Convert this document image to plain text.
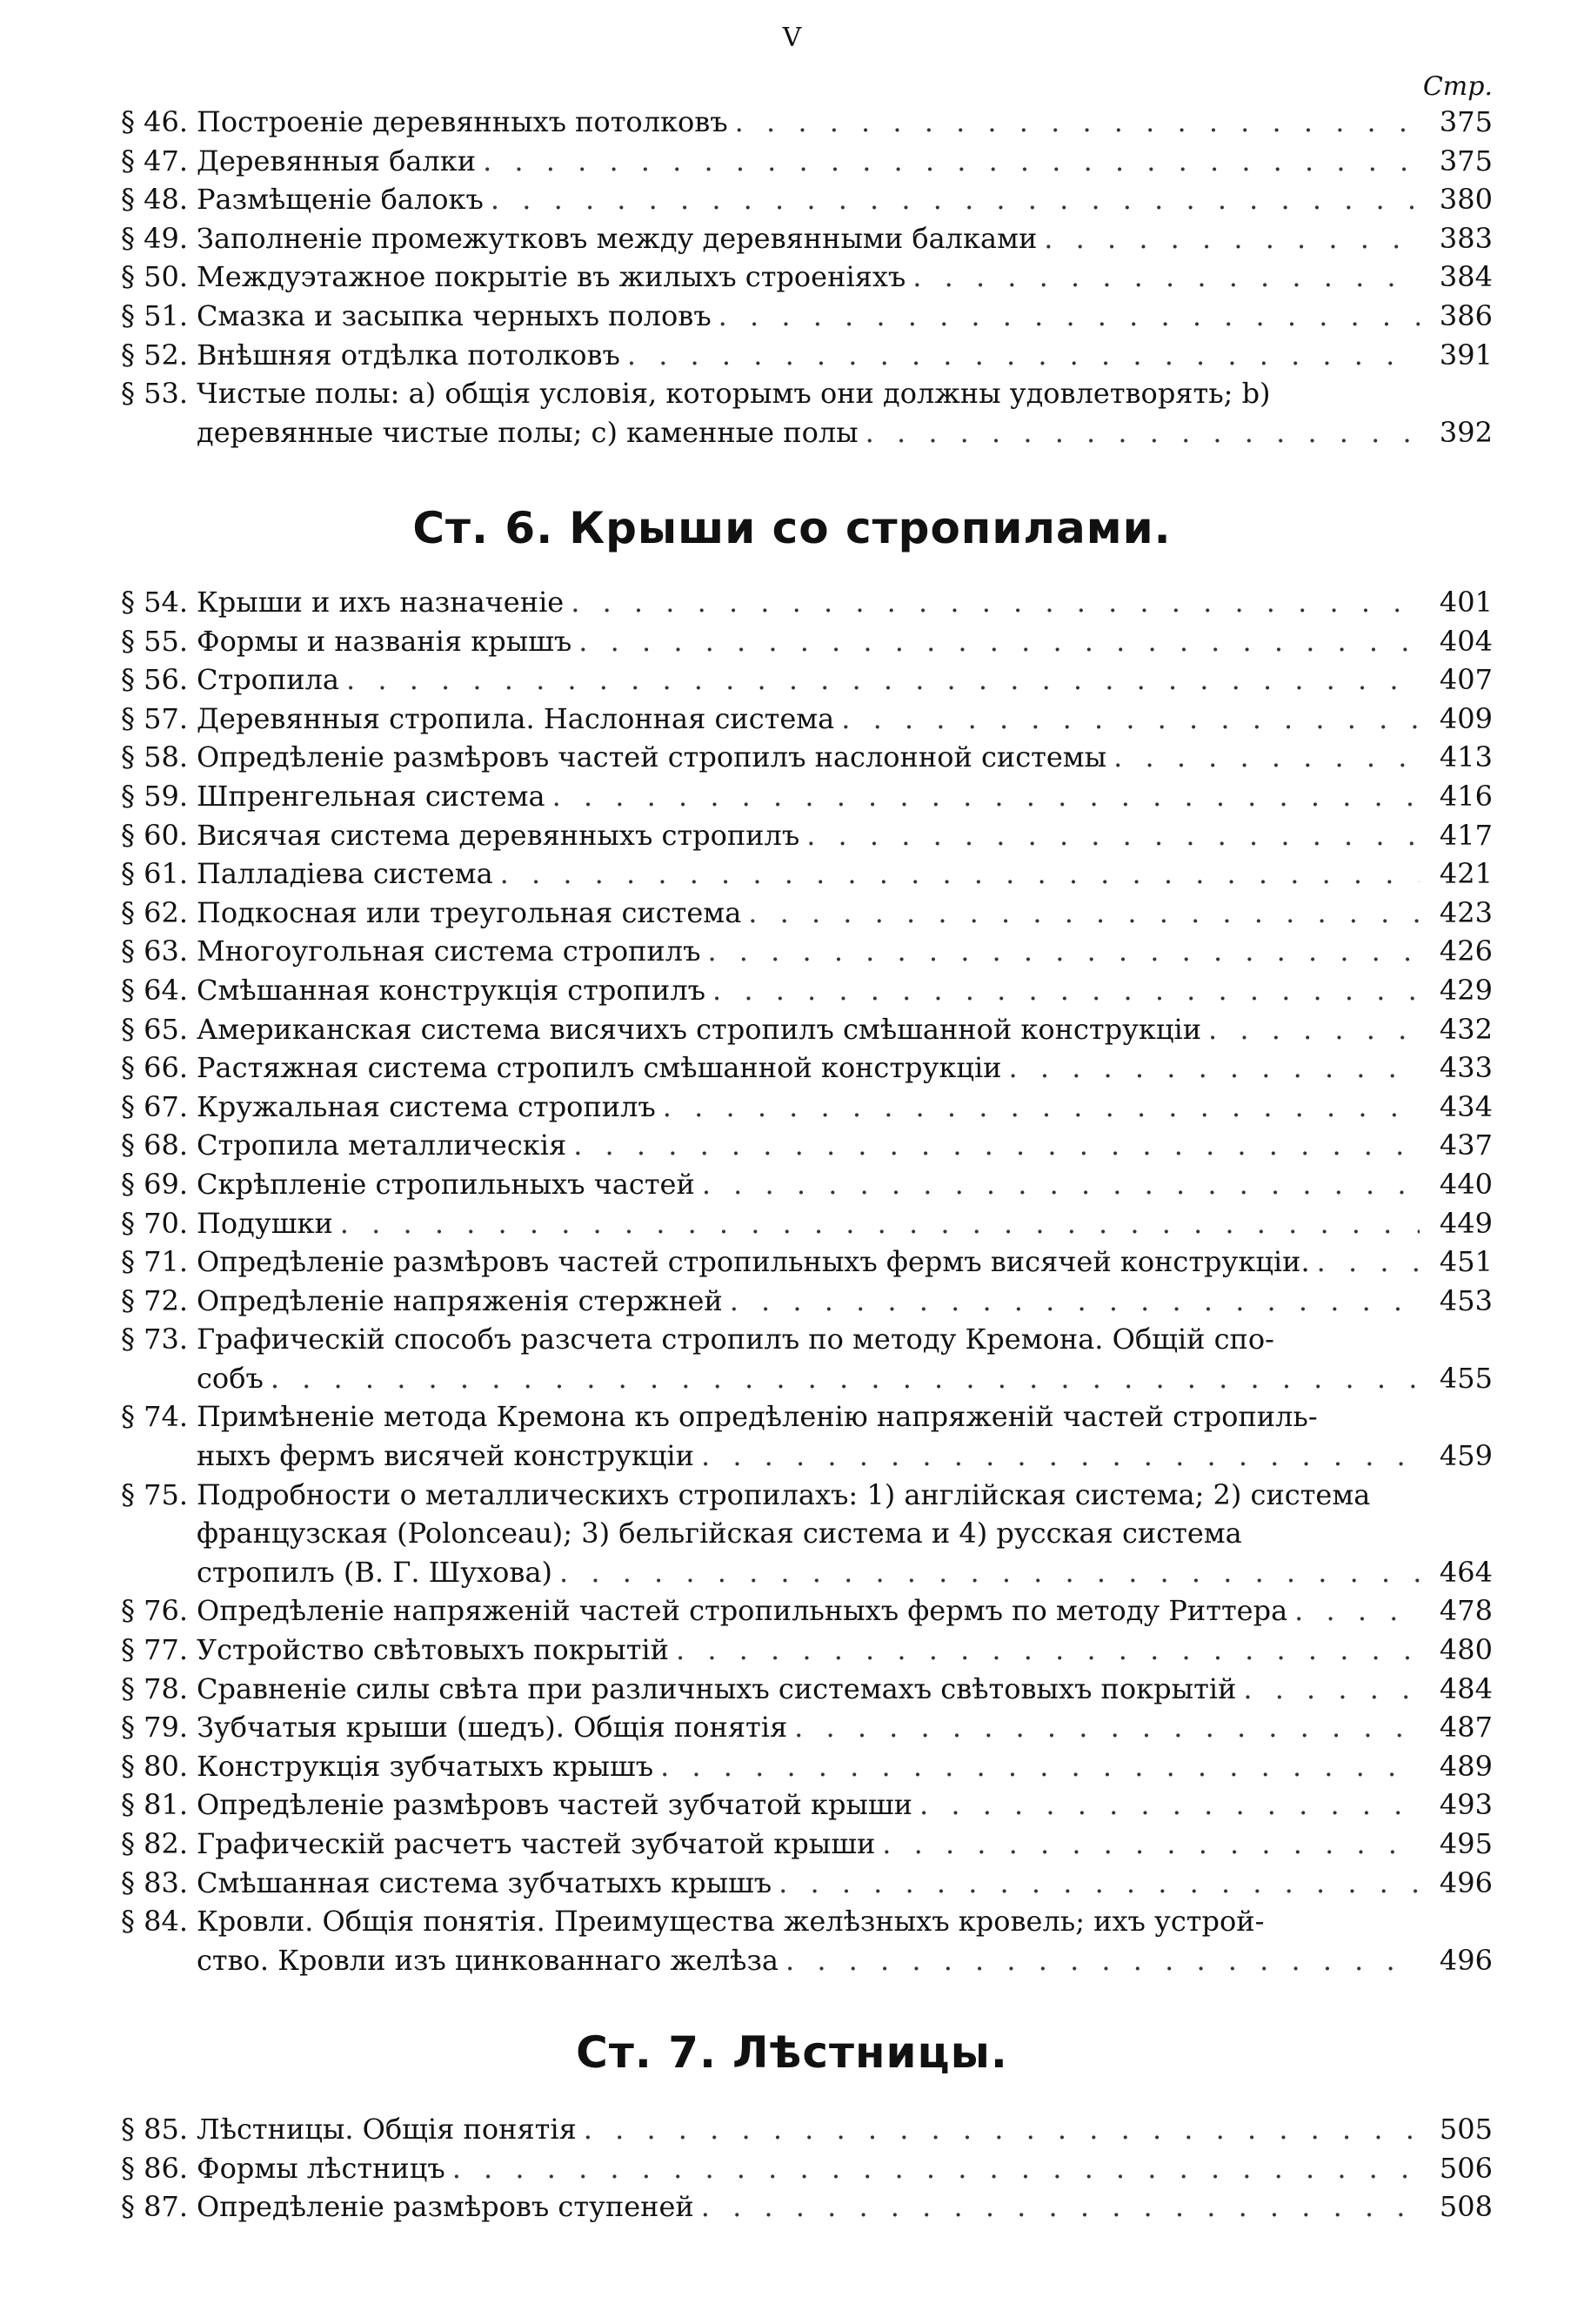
V
Стр.
§ 46. Построеніе деревянныхъ потолковъ . . .	375
§ 47. Деревянныя балки . . .	375
§ 48. Размѣщеніе балокъ . . .	380
§ 49. Заполненіе промежутковъ между деревянными балками . . .	383
§ 50. Междуэтажное покрытіе въ жилыхъ строеніяхъ . . .	384
§ 51. Смазка и засыпка черныхъ половъ . . .	386
§ 52. Внѣшняя отдѣлка потолковъ . . .	391
§ 53. Чистые полы: a) общія условія, которымъ они должны удовлетворять; b)
деревянные чистые полы; c) каменные полы . . .	392
Ст. 6. Крыши со стропилами.
§ 54. Крыши и ихъ назначеніе . . .	401
§ 55. Формы и названія крышъ . . .	404
§ 56. Стропила . . .	407
§ 57. Деревянныя стропила. Наслонная система . . .	409
§ 58. Опредѣленіе размѣровъ частей стропилъ наслонной системы . . .	413
§ 59. Шпренгельная система . . .	416
§ 60. Висячая система деревянныхъ стропилъ . . .	417
§ 61. Палладіева система . . .	421
§ 62. Подкосная или треугольная система . . .	423
§ 63. Многоугольная система стропилъ . . .	426
§ 64. Смѣшанная конструкція стропилъ . . .	429
§ 65. Американская система висячихъ стропилъ смѣшанной конструкціи . . .	432
§ 66. Растяжная система стропилъ смѣшанной конструкціи . . .	433
§ 67. Кружальная система стропилъ . . .	434
§ 68. Стропила металлическія . . .	437
§ 69. Скрѣпленіе стропильныхъ частей . . .	440
§ 70. Подушки . . .	449
§ 71. Опредѣленіе размѣровъ частей стропильныхъ фермъ висячей конструкціи. . . .	451
§ 72. Опредѣленіе напряженія стержней . . .	453
§ 73. Графическій способъ разсчета стропилъ по методу Кремона. Общій спо-
собъ . . .	455
§ 74. Примѣненіе метода Кремона къ опредѣленію напряженій частей стропиль-
ныхъ фермъ висячей конструкціи . . .	459
§ 75. Подробности о металлическихъ стропилахъ: 1) англійская система; 2) система французская (Polonceau); 3) бельгійская система и 4) русская система
стропилъ (В. Г. Шухова) . . .	464
§ 76. Опредѣленіе напряженій частей стропильныхъ фермъ по методу Риттера . . .	478
§ 77. Устройство свѣтовыхъ покрытій . . .	480
§ 78. Сравненіе силы свѣта при различныхъ системахъ свѣтовыхъ покрытій . . .	484
§ 79. Зубчатыя крыши (шедъ). Общія понятія . . .	487
§ 80. Конструкція зубчатыхъ крышъ . . .	489
§ 81. Опредѣленіе размѣровъ частей зубчатой крыши . . .	493
§ 82. Графическій расчетъ частей зубчатой крыши . . .	495
§ 83. Смѣшанная система зубчатыхъ крышъ . . .	496
§ 84. Кровли. Общія понятія. Преимущества желѣзныхъ кровель; ихъ устрой-
ство. Кровли изъ цинкованнаго желѣза . . .	496
Ст. 7. Лѣстницы.
§ 85. Лѣстницы. Общія понятія . . .	505
§ 86. Формы лѣстницъ . . .	506
§ 87. Опредѣленіе размѣровъ ступеней . . .	508
